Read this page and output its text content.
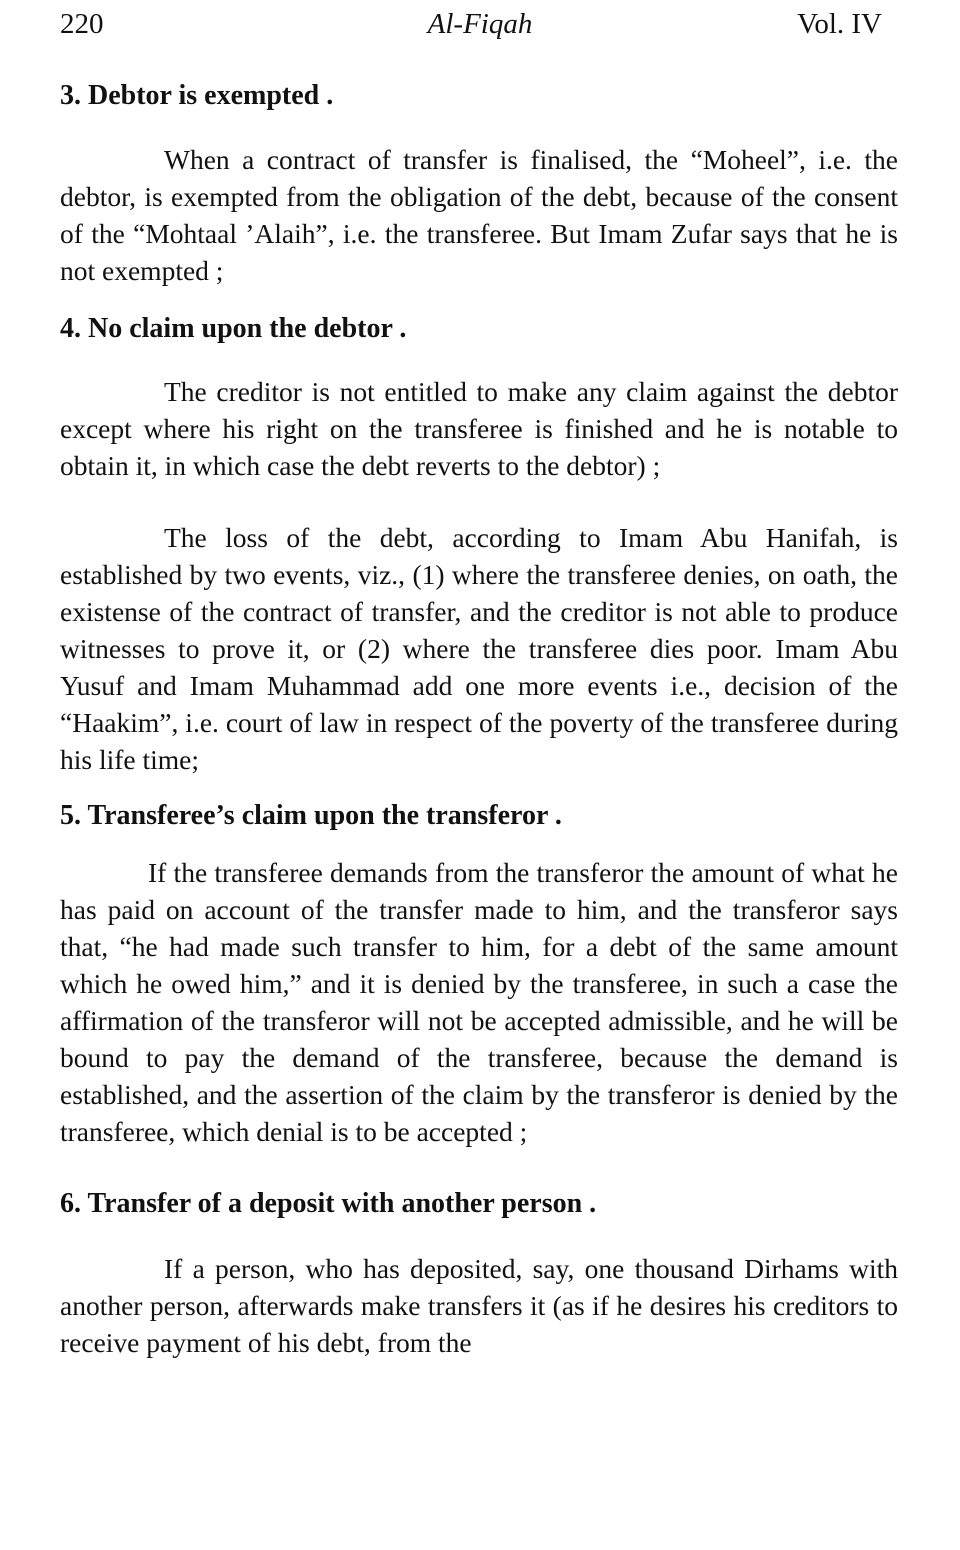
220	Al-Fiqah	Vol. IV

3. Debtor is exempted .

When a contract of transfer is finalised, the “Moheel”, i.e. the debtor, is exempted from the obligation of the debt, because of the consent of the “Mohtaal ’Alaih”, i.e. the transferee. But Imam Zufar says that he is not exempted ;

4. No claim upon the debtor .

The creditor is not entitled to make any claim against the debtor except where his right on the transferee is finished and he is notable to obtain it, in which case the debt reverts to the debtor) ;

The loss of the debt, according to Imam Abu Hanifah, is established by two events, viz., (1) where the transferee denies, on oath, the existense of the contract of transfer, and the creditor is not able to produce witnesses to prove it, or (2) where the transferee dies poor. Imam Abu Yusuf and Imam Muhammad add one more events i.e., decision of the “Haakim”, i.e. court of law in respect of the poverty of the transferee during his life time;

5. Transferee’s claim upon the transferor .

If the transferee demands from the transferor the amount of what he has paid on account of the transfer made to him, and the transferor says that, “he had made such transfer to him, for a debt of the same amount which he owed him,” and it is denied by the transferee, in such a case the affirmation of the transferor will not be accepted admissible, and he will be bound to pay the demand of the transferee, because the demand is established, and the assertion of the claim by the transferor is denied by the transferee, which denial is to be accepted ;

6. Transfer of a deposit with another person .

If a person, who has deposited, say, one thousand Dirhams with another person, afterwards make transfers it (as if he desires his creditors to receive payment of his debt, from the
